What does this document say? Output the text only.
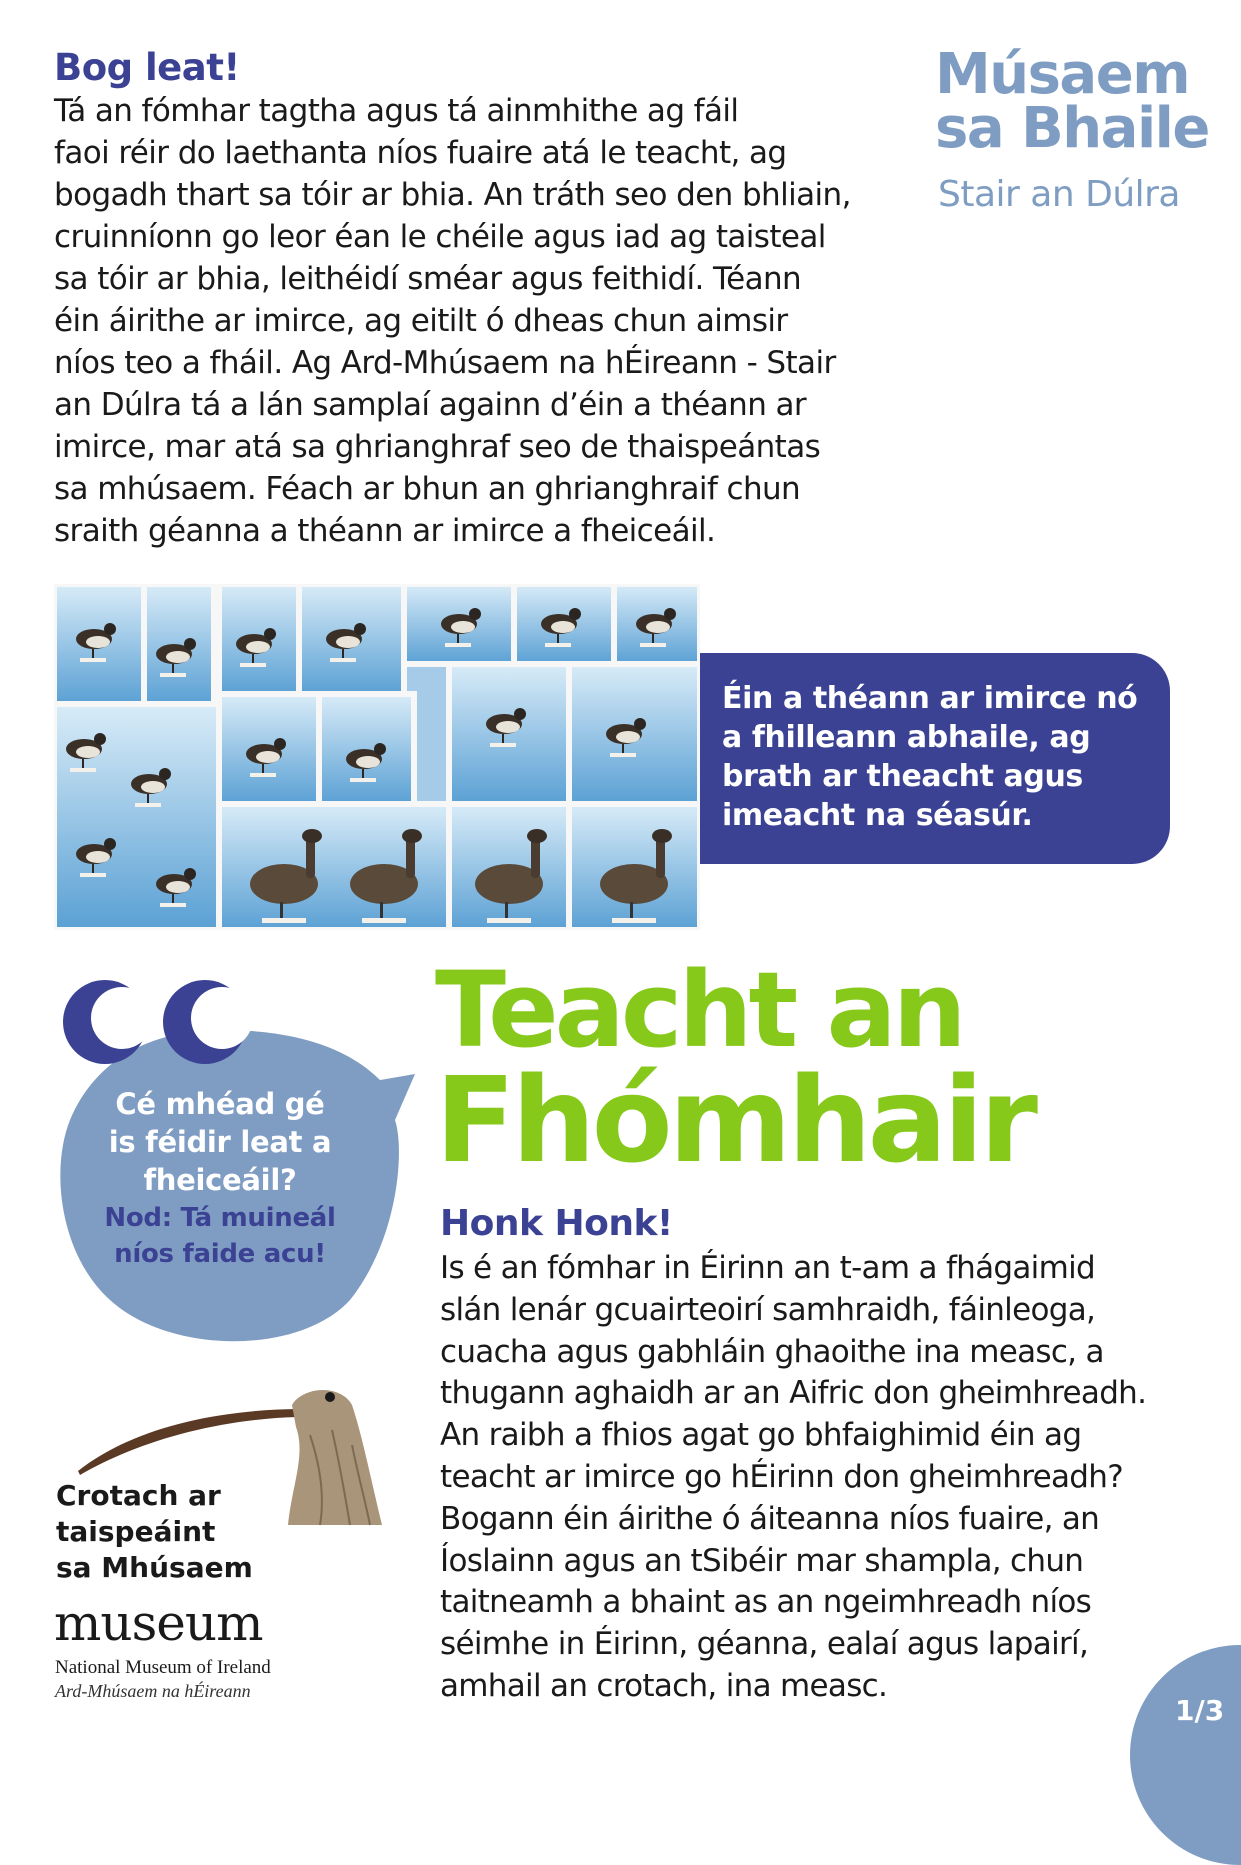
Bog leat!
Tá an fómhar tagtha agus tá ainmhithe ag fáil
faoi réir do laethanta níos fuaire atá le teacht, ag
bogadh thart sa tóir ar bhia. An tráth seo den bhliain,
cruinníonn go leor éan le chéile agus iad ag taisteal
sa tóir ar bhia, leithéidí sméar agus feithidí. Téann
éin áirithe ar imirce, ag eitilt ó dheas chun aimsir
níos teo a fháil. Ag Ard-Mhúsaem na hÉireann - Stair
an Dúlra tá a lán samplaí againn d’éin a théann ar
imirce, mar atá sa ghrianghraf seo de thaispeántas
sa mhúsaem. Féach ar bhun an ghrianghraif chun
sraith géanna a théann ar imirce a fheiceáil.
Músaem
sa Bhaile
Stair an Dúlra
Éin a théann ar imirce nó
a fhilleann abhaile, ag
brath ar theacht agus
imeacht na séasúr.
Cé mhéad gé
is féidir leat a
fheiceáil?
Nod: Tá muineál
níos faide acu!
Teacht an
Fhómhair
Honk Honk!
Is é an fómhar in Éirinn an t-am a fhágaimid
slán lenár gcuairteoirí samhraidh, fáinleoga,
cuacha agus gabhláin ghaoithe ina measc, a
thugann aghaidh ar an Aifric don gheimhreadh.
An raibh a fhios agat go bhfaighimid éin ag
teacht ar imirce go hÉirinn don gheimhreadh?
Bogann éin áirithe ó áiteanna níos fuaire, an
Íoslainn agus an tSibéir mar shampla, chun
taitneamh a bhaint as an ngeimhreadh níos
séimhe in Éirinn, géanna, ealaí agus lapairí,
amhail an crotach, ina measc.
Crotach ar
taispeáint
sa Mhúsaem
museum
National Museum of Ireland
Ard-Mhúsaem na hÉireann
1/3
